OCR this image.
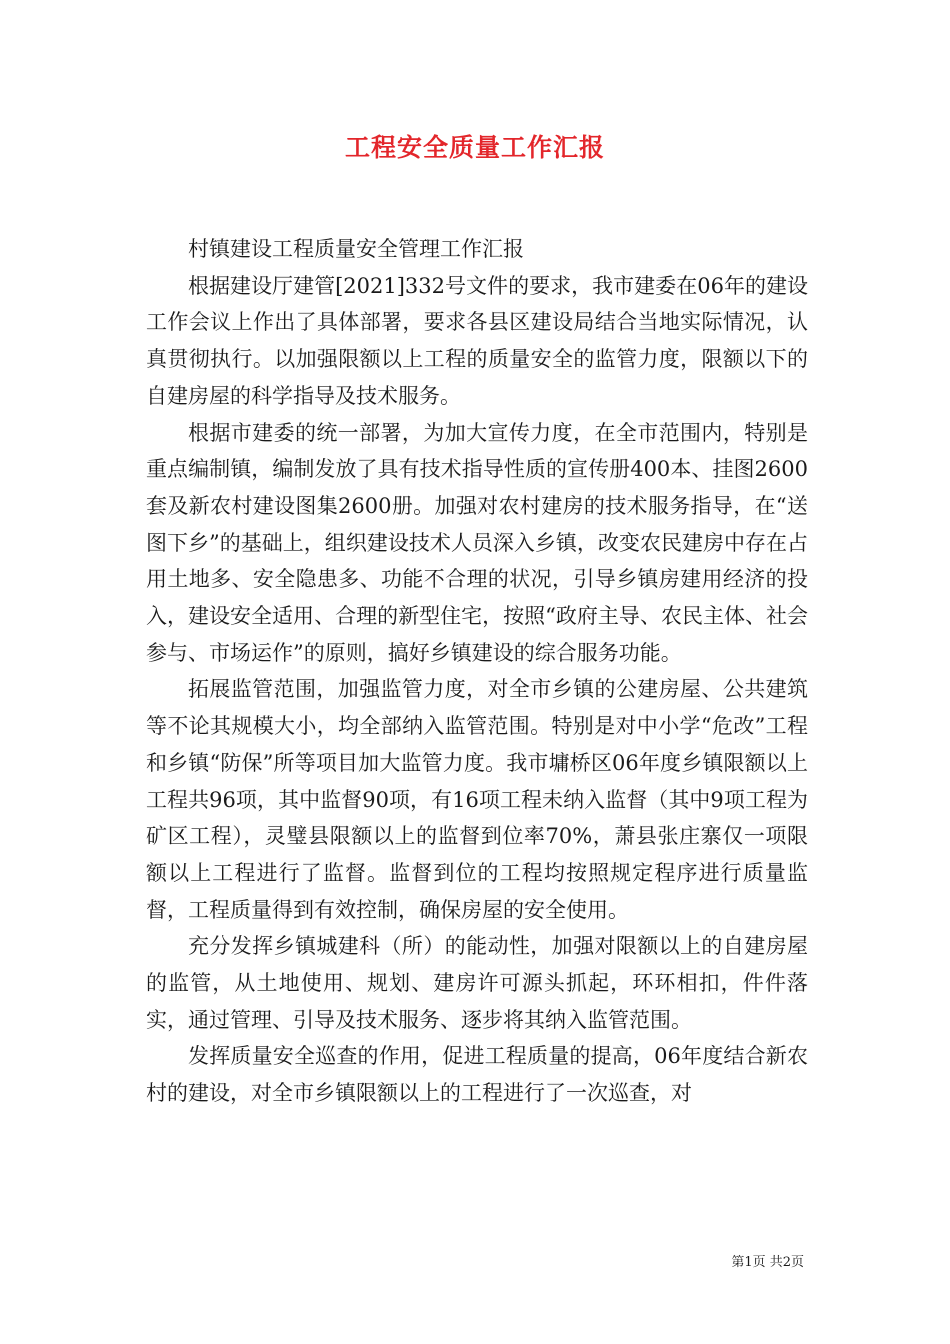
工程安全质量工作汇报

村镇建设工程质量安全管理工作汇报

根据建设厅建管[2021]332号文件的要求，我市建委在06年的建设工作会议上作出了具体部署，要求各县区建设局结合当地实际情况，认真贯彻执行。以加强限额以上工程的质量安全的监管力度，限额以下的自建房屋的科学指导及技术服务。

根据市建委的统一部署，为加大宣传力度，在全市范围内，特别是重点编制镇，编制发放了具有技术指导性质的宣传册400本、挂图2600套及新农村建设图集2600册。加强对农村建房的技术服务指导，在“送图下乡”的基础上，组织建设技术人员深入乡镇，改变农民建房中存在占用土地多、安全隐患多、功能不合理的状况，引导乡镇房建用经济的投入，建设安全适用、合理的新型住宅，按照“政府主导、农民主体、社会参与、市场运作”的原则，搞好乡镇建设的综合服务功能。

拓展监管范围，加强监管力度，对全市乡镇的公建房屋、公共建筑等不论其规模大小，均全部纳入监管范围。特别是对中小学“危改”工程和乡镇“防保”所等项目加大监管力度。我市墉桥区06年度乡镇限额以上工程共96项，其中监督90项，有16项工程未纳入监督（其中9项工程为矿区工程），灵璧县限额以上的监督到位率70%，萧县张庄寨仅一项限额以上工程进行了监督。监督到位的工程均按照规定程序进行质量监督，工程质量得到有效控制，确保房屋的安全使用。

充分发挥乡镇城建科（所）的能动性，加强对限额以上的自建房屋的监管，从土地使用、规划、建房许可源头抓起，环环相扣，件件落实，通过管理、引导及技术服务、逐步将其纳入监管范围。

发挥质量安全巡查的作用，促进工程质量的提高，06年度结合新农村的建设，对全市乡镇限额以上的工程进行了一次巡查，对

第1页 共2页
